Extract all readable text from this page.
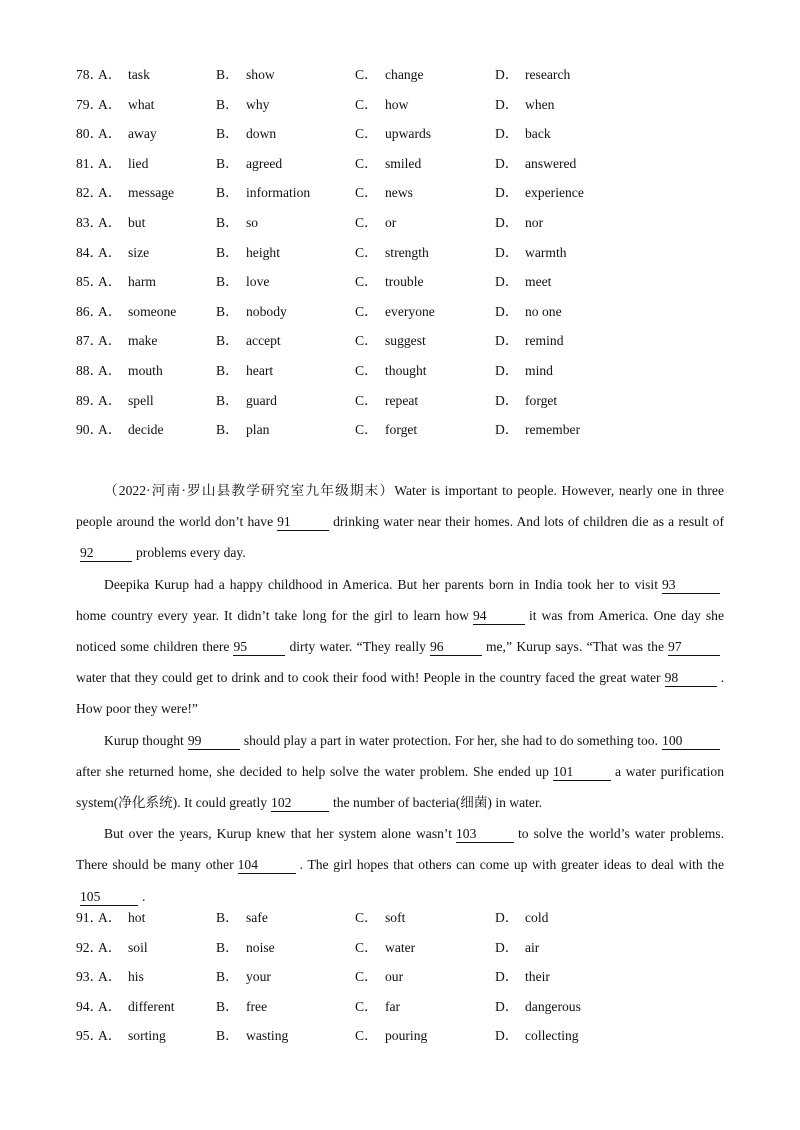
78．
A． task	B． show	C． change	D． research
79．
A． what	B． why	C． how	D． when
80．
A． away	B． down	C． upwards	D． back
81．
A． lied	B． agreed	C． smiled	D． answered
82．
A． message	B． information	C． news	D． experience
83．
A． but	B． so	C． or	D． nor
84．
A． size	B． height	C． strength	D． warmth
85．
A． harm	B． love	C． trouble	D． meet
86．
A． someone	B． nobody	C． everyone	D． no one
87．
A． make	B． accept	C． suggest	D． remind
88．
A． mouth	B． heart	C． thought	D． mind
89．
A． spell	B． guard	C． repeat	D． forget
90．
A． decide	B． plan	C． forget	D． remember

（2022·河南·罗山县教学研究室九年级期末）Water is important to people. However, nearly one in three people around the world don’t have 91	drinking water near their homes. And lots of children die as a result of92	problems every day.

Deepika Kurup had a happy childhood in America. But her parents born in India took her to visit 93home country every year. It didn’t take long for the girl to learn how 94	it was from America. One day she noticed some children there 95	dirty water. “They really 96	me,” Kurup says. “That was the 97water that they could get to drink and to cook their food with! People in the country faced the great water 98	. How poor they were!”

Kurup thought 99	should play a part in water protection. For her, she had to do something too. 100after she returned home, she decided to help solve the water problem. She ended up 101	a water purification system(净化系统). It could greatly 102	the number of bacteria(细菌) in water.

But over the years, Kurup knew that her system alone wasn’t 103	to solve the world’s water problems. There should be many other 104	. The girl hopes that others can come up with greater ideas to deal with the105	.

91．
A． hot	B． safe	C． soft	D． cold
92．
A． soil	B． noise	C． water	D． air
93．
A． his	B． your	C． our	D． their
94．
A． different	B． free	C． far	D． dangerous
95．
A． sorting	B． wasting	C． pouring	D． collecting
